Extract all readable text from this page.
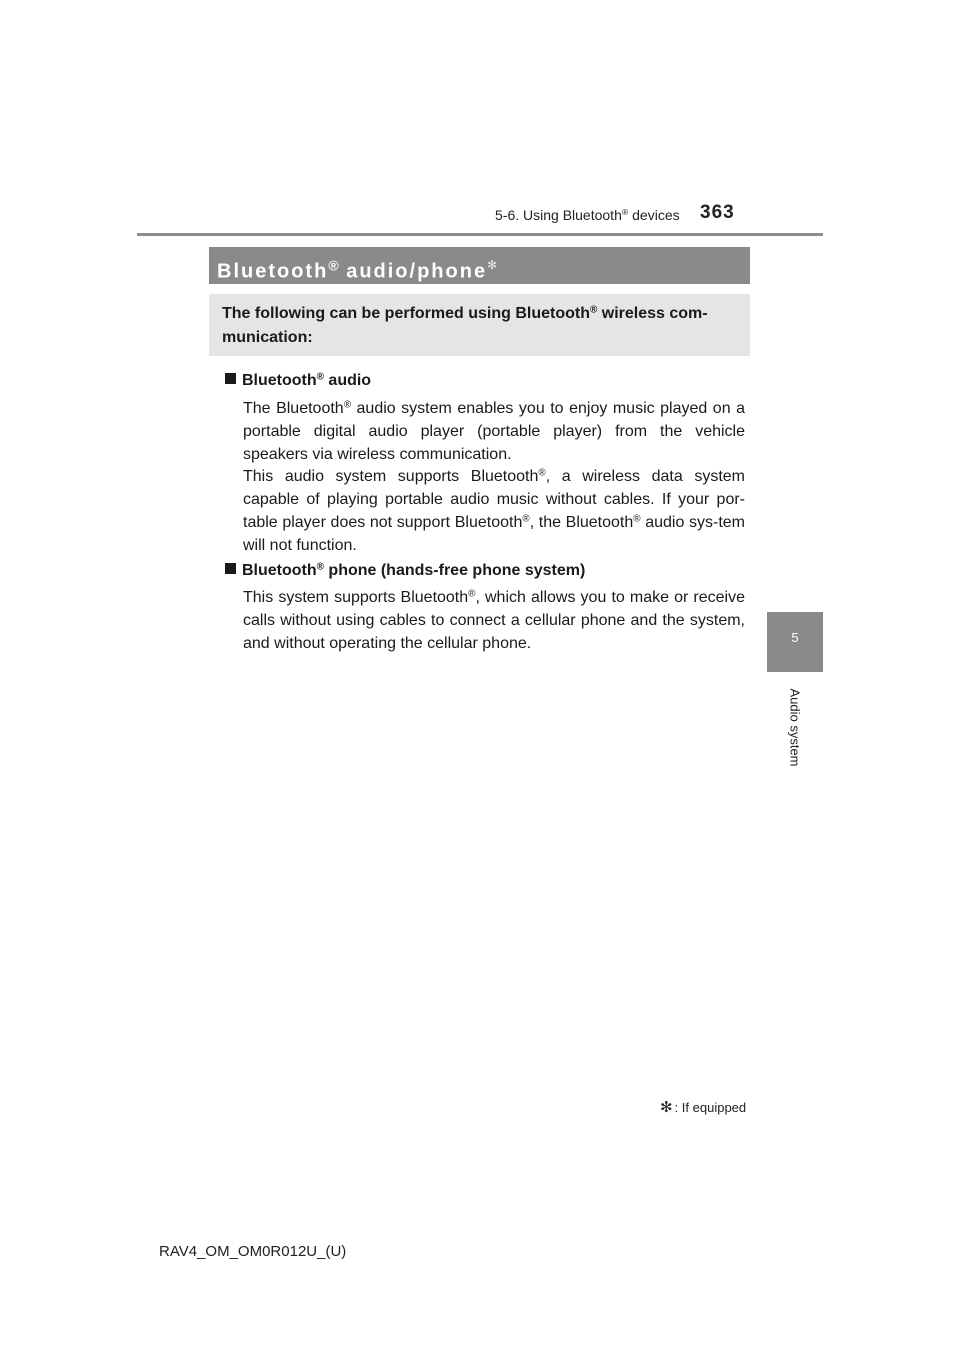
5-6. Using Bluetooth® devices 363
Bluetooth® audio/phone✻
The following can be performed using Bluetooth® wireless com-munication:
Bluetooth® audio
The Bluetooth® audio system enables you to enjoy music played on a portable digital audio player (portable player) from the vehicle speakers via wireless communication.
This audio system supports Bluetooth®, a wireless data system capable of playing portable audio music without cables. If your por-table player does not support Bluetooth®, the Bluetooth® audio sys-tem will not function.
Bluetooth® phone (hands-free phone system)
This system supports Bluetooth®, which allows you to make or receive calls without using cables to connect a cellular phone and the system, and without operating the cellular phone.	5
Audio system
✻ : If equipped
RAV4_OM_OM0R012U_(U)
